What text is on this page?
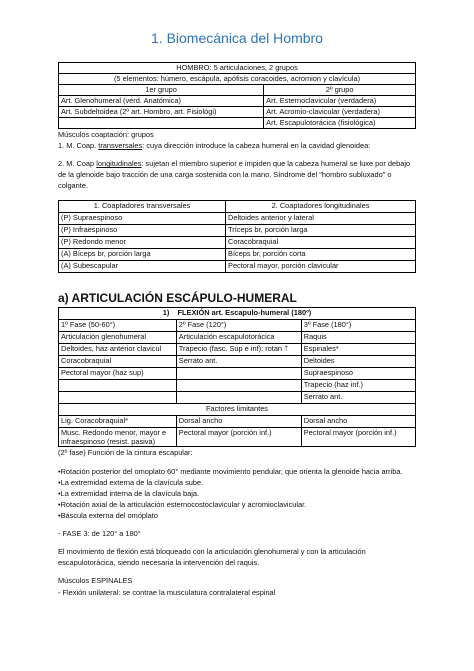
1. Biomecánica del Hombro
HOMBRO: 5 articulaciones, 2 grupos	
(5 elementos: húmero, escápula, apófisis coracoides, acromion y clavícula)	
1er grupo	2º grupo
Art. Glenohumeral (verd. Anatómica)	Art. Esternoclavicular (verdadera)
Art. Subdeltoidea (2º art. Hombro, art. Fisiológi)	Art. Acromio-clavicular (verdadera)
	Art. Escapulotorácica (fisiológica)

Músculos coaptación: grupos

1. M. Coap. transversales: cuya dirección introduce la cabeza humeral en la cavidad glenoidea:

2. M. Coap longitudinales: sujetan el miembro superior e impiden que la cabeza humeral se luxe por debajo de la glenoide bajo tracción de una carga sostenida con la mano. Síndrome del "hombro subluxado" o colgante.

1. Coaptadores transversales	2. Coaptadores longitudinales
(P) Supraespinoso	Deltoides anterior y lateral
(P) Infraespinoso	Tríceps br, porción larga
(P) Redondo menor	Coracobraquial
(A) Bíceps br, porción larga	Bíceps br, porción corta
(A) Subescapular	Pectoral mayor, porción clavicular
a) ARTICULACIÓN ESCÁPULO-HUMERAL
1) FLEXIÓN art. Escapulo-humeral (180º)		
1º Fase (50-60°)	2º Fase (120°)	3º Fase (180°)
Articulación glenohumeral	Articulación escapulotorácica	Raquis
Deltoides, haz anterior clavicul	Trapecio (fasc. Sup e inf): rotan 🡑	Espinales*
Coracobraquial	Serrato ant.	Deltoides
Pectoral mayor (haz sup)		Supraespinoso
		Trapecio (haz inf.)
		Serrato ant.
Factores limitantes		
Lig. Coracobraquial*	Dorsal ancho	Dorsal ancho
Musc. Redondo menor, mayor e infraespinoso (resist. pasiva)	Pectoral mayor (porción inf.)	Pectoral mayor (porción inf.)

(2º fase) Función de la cintura escapular:

•Rotación posterior del omoplato 60° mediante movimiento pendular, que orienta la glenoide hacia arriba.

•La extremidad externa de la clavícula sube.

•La extremidad interna de la clavícula baja.

•Rotación axial de la articulación esternocostoclavicular y acromioclavicular.

•Báscula externa del omóplato

- FASE 3: de 120° a 180°

El movimiento de flexión está bloqueado con la articulación glenohumeral y con la articulación escapulotorácica, siendo necesaria la intervención del raquis.

Músculos ESPINALES

- Flexión unilateral: se contrae la musculatura contralateral espinal
